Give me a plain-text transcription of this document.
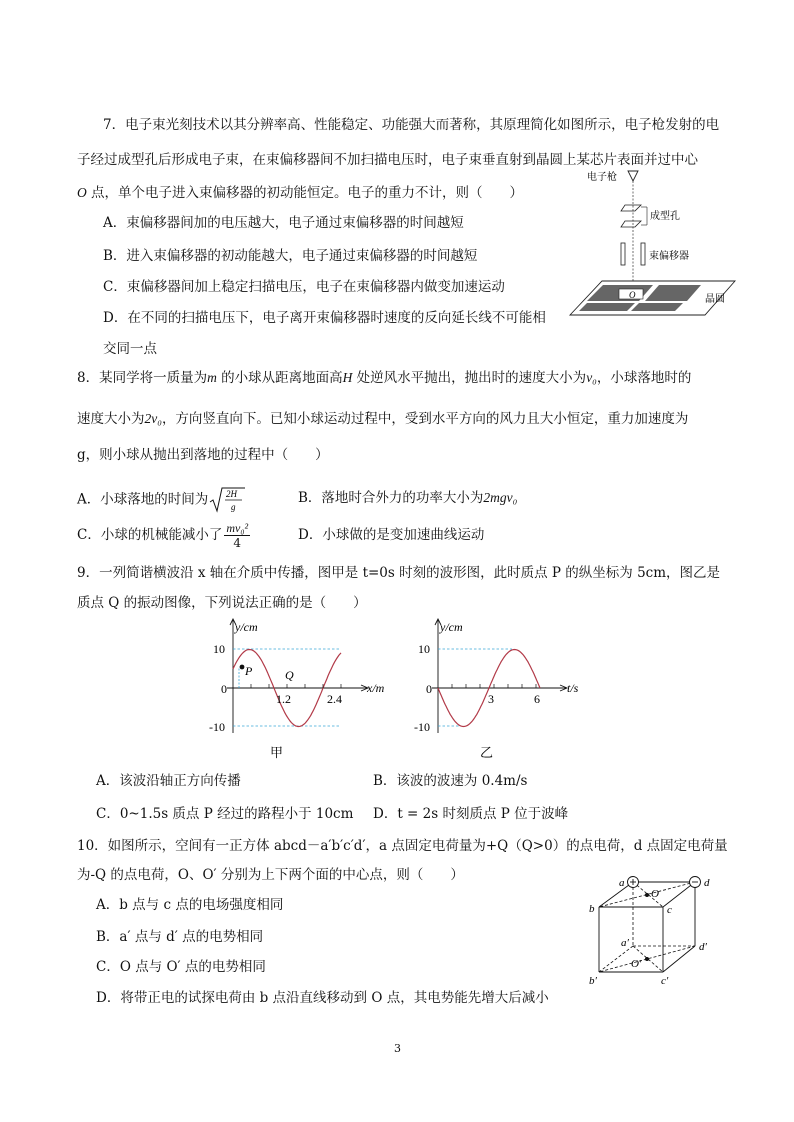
7．电子束光刻技术以其分辨率高、性能稳定、功能强大而著称，其原理简化如图所示，电子枪发射的电
子经过成型孔后形成电子束，在束偏移器间不加扫描电压时，电子束垂直射到晶圆上某芯片表面并过中心
O 点，单个电子进入束偏移器的初动能恒定。电子的重力不计，则（　　）
A．束偏移器间加的电压越大，电子通过束偏移器的时间越短
B．进入束偏移器的初动能越大，电子通过束偏移器的时间越短
C．束偏移器间加上稳定扫描电压，电子在束偏移器内做变加速运动
D．在不同的扫描电压下，电子离开束偏移器时速度的反向延长线不可能相
交同一点
电子枪
成型孔
束偏移器
O	晶圆
8．某同学将一质量为m 的小球从距离地面高H 处逆风水平抛出，抛出时的速度大小为v₀，小球落地时的
速度大小为2v₀，方向竖直向下。已知小球运动过程中，受到水平方向的风力且大小恒定，重力加速度为
g，则小球从抛出到落地的过程中（　　）
A．小球落地的时间为 2H
g
B．落地时合外力的功率大小为2mgv₀
C．小球的机械能减小了 $\frac{\text{mv₀²}}{4}$	D．小球做的是变加速曲线运动
9．一列简谐横波沿 x 轴在介质中传播，图甲是 t=0s 时刻的波形图，此时质点 P 的纵坐标为 5cm，图乙是
质点 Q 的振动图像，下列说法正确的是（　　）
y/cm
x/m
10
0
-10
1.2	2.4
P	Q
甲
y/cm
t/s
10
0
-10
3	6
乙
A．该波沿轴正方向传播	B．该波的波速为 0.4m/s
C．0~1.5s 质点 P 经过的路程小于 10cm D．t = 2s 时刻质点 P 位于波峰
10．如图所示，空间有一正方体 abcd－a′b′c′d′，a 点固定电荷量为+Q（Q>0）的点电荷，d 点固定电荷量
为-Q 的点电荷，O、O′ 分别为上下两个面的中心点，则（　　）
A．b 点与 c 点的电场强度相同
B．a′ 点与 d′ 点的电势相同
C．O 点与 O′ 点的电势相同
D．将带正电的试探电荷由 b 点沿直线移动到 O 点，其电势能先增大后减小
a	d
b	c
O
a′	d′
b′	c′
O′
3
